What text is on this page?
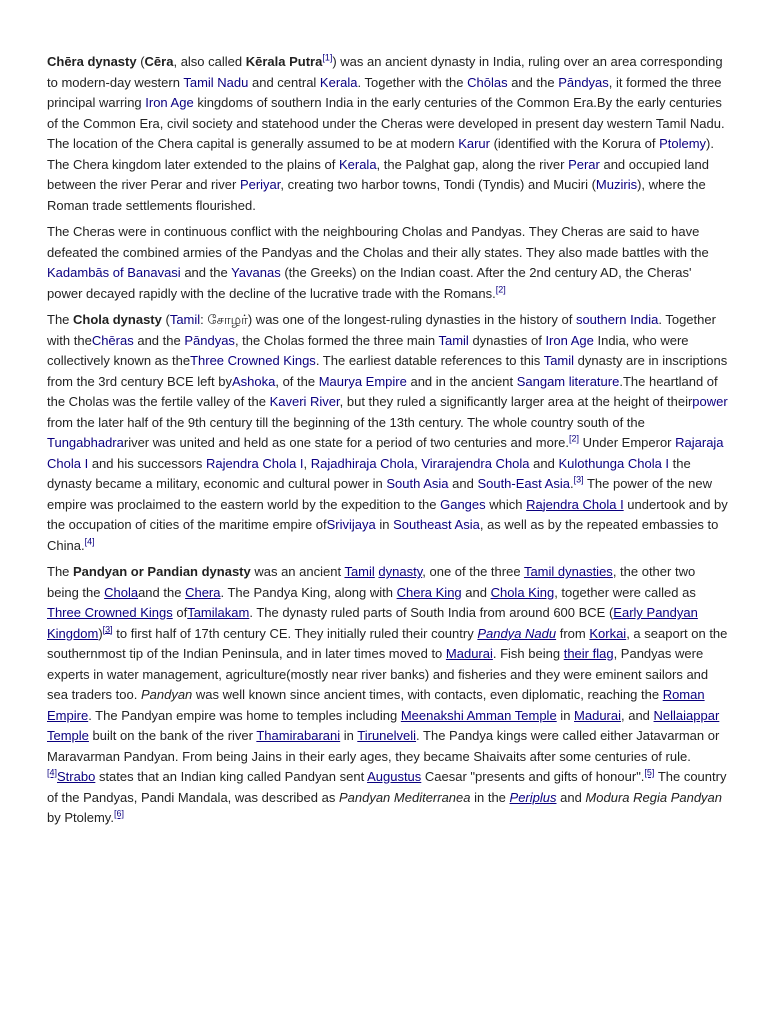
Chēra dynasty (Cēra, also called Kērala Putra[1]) was an ancient dynasty in India, ruling over an area corresponding to modern-day western Tamil Nadu and central Kerala. Together with the Chōlas and the Pāndyas, it formed the three principal warring Iron Age kingdoms of southern India in the early centuries of the Common Era.By the early centuries of the Common Era, civil society and statehood under the Cheras were developed in present day western Tamil Nadu. The location of the Chera capital is generally assumed to be at modern Karur (identified with the Korura of Ptolemy). The Chera kingdom later extended to the plains of Kerala, the Palghat gap, along the river Perar and occupied land between the river Perar and river Periyar, creating two harbor towns, Tondi (Tyndis) and Muciri (Muziris), where the Roman trade settlements flourished.

The Cheras were in continuous conflict with the neighbouring Cholas and Pandyas. They Cheras are said to have defeated the combined armies of the Pandyas and the Cholas and their ally states. They also made battles with the Kadambās of Banavasi and the Yavanas (the Greeks) on the Indian coast. After the 2nd century AD, the Cheras' power decayed rapidly with the decline of the lucrative trade with the Romans.[2]

The Chola dynasty (Tamil: சோழர்) was one of the longest-ruling dynasties in the history of southern India. Together with theChēras and the Pāndyas, the Cholas formed the three main Tamil dynasties of Iron Age India, who were collectively known as theThree Crowned Kings. The earliest datable references to this Tamil dynasty are in inscriptions from the 3rd century BCE left byAshoka, of the Maurya Empire and in the ancient Sangam literature.The heartland of the Cholas was the fertile valley of the Kaveri River, but they ruled a significantly larger area at the height of theirpower from the later half of the 9th century till the beginning of the 13th century. The whole country south of the Tungabhadrariver was united and held as one state for a period of two centuries and more.[2] Under Emperor Rajaraja Chola I and his successors Rajendra Chola I, Rajadhiraja Chola, Virarajendra Chola and Kulothunga Chola I the dynasty became a military, economic and cultural power in South Asia and South-East Asia.[3] The power of the new empire was proclaimed to the eastern world by the expedition to the Ganges which Rajendra Chola I undertook and by the occupation of cities of the maritime empire ofSrivijaya in Southeast Asia, as well as by the repeated embassies to China.[4]

The Pandyan or Pandian dynasty was an ancient Tamil dynasty, one of the three Tamil dynasties, the other two being the Cholaand the Chera. The Pandya King, along with Chera King and Chola King, together were called as Three Crowned Kings ofTamilakam. The dynasty ruled parts of South India from around 600 BCE (Early Pandyan Kingdom)[3] to first half of 17th century CE. They initially ruled their country Pandya Nadu from Korkai, a seaport on the southernmost tip of the Indian Peninsula, and in later times moved to Madurai. Fish being their flag, Pandyas were experts in water management, agriculture(mostly near river banks) and fisheries and they were eminent sailors and sea traders too. Pandyan was well known since ancient times, with contacts, even diplomatic, reaching the Roman Empire. The Pandyan empire was home to temples including Meenakshi Amman Temple in Madurai, and Nellaiappar Temple built on the bank of the river Thamirabarani in Tirunelveli. The Pandya kings were called either Jatavarman or Maravarman Pandyan. From being Jains in their early ages, they became Shaivaits after some centuries of rule.[4]Strabo states that an Indian king called Pandyan sent Augustus Caesar "presents and gifts of honour".[5] The country of the Pandyas, Pandi Mandala, was described as Pandyan Mediterranea in the Periplus and Modura Regia Pandyan by Ptolemy.[6]
